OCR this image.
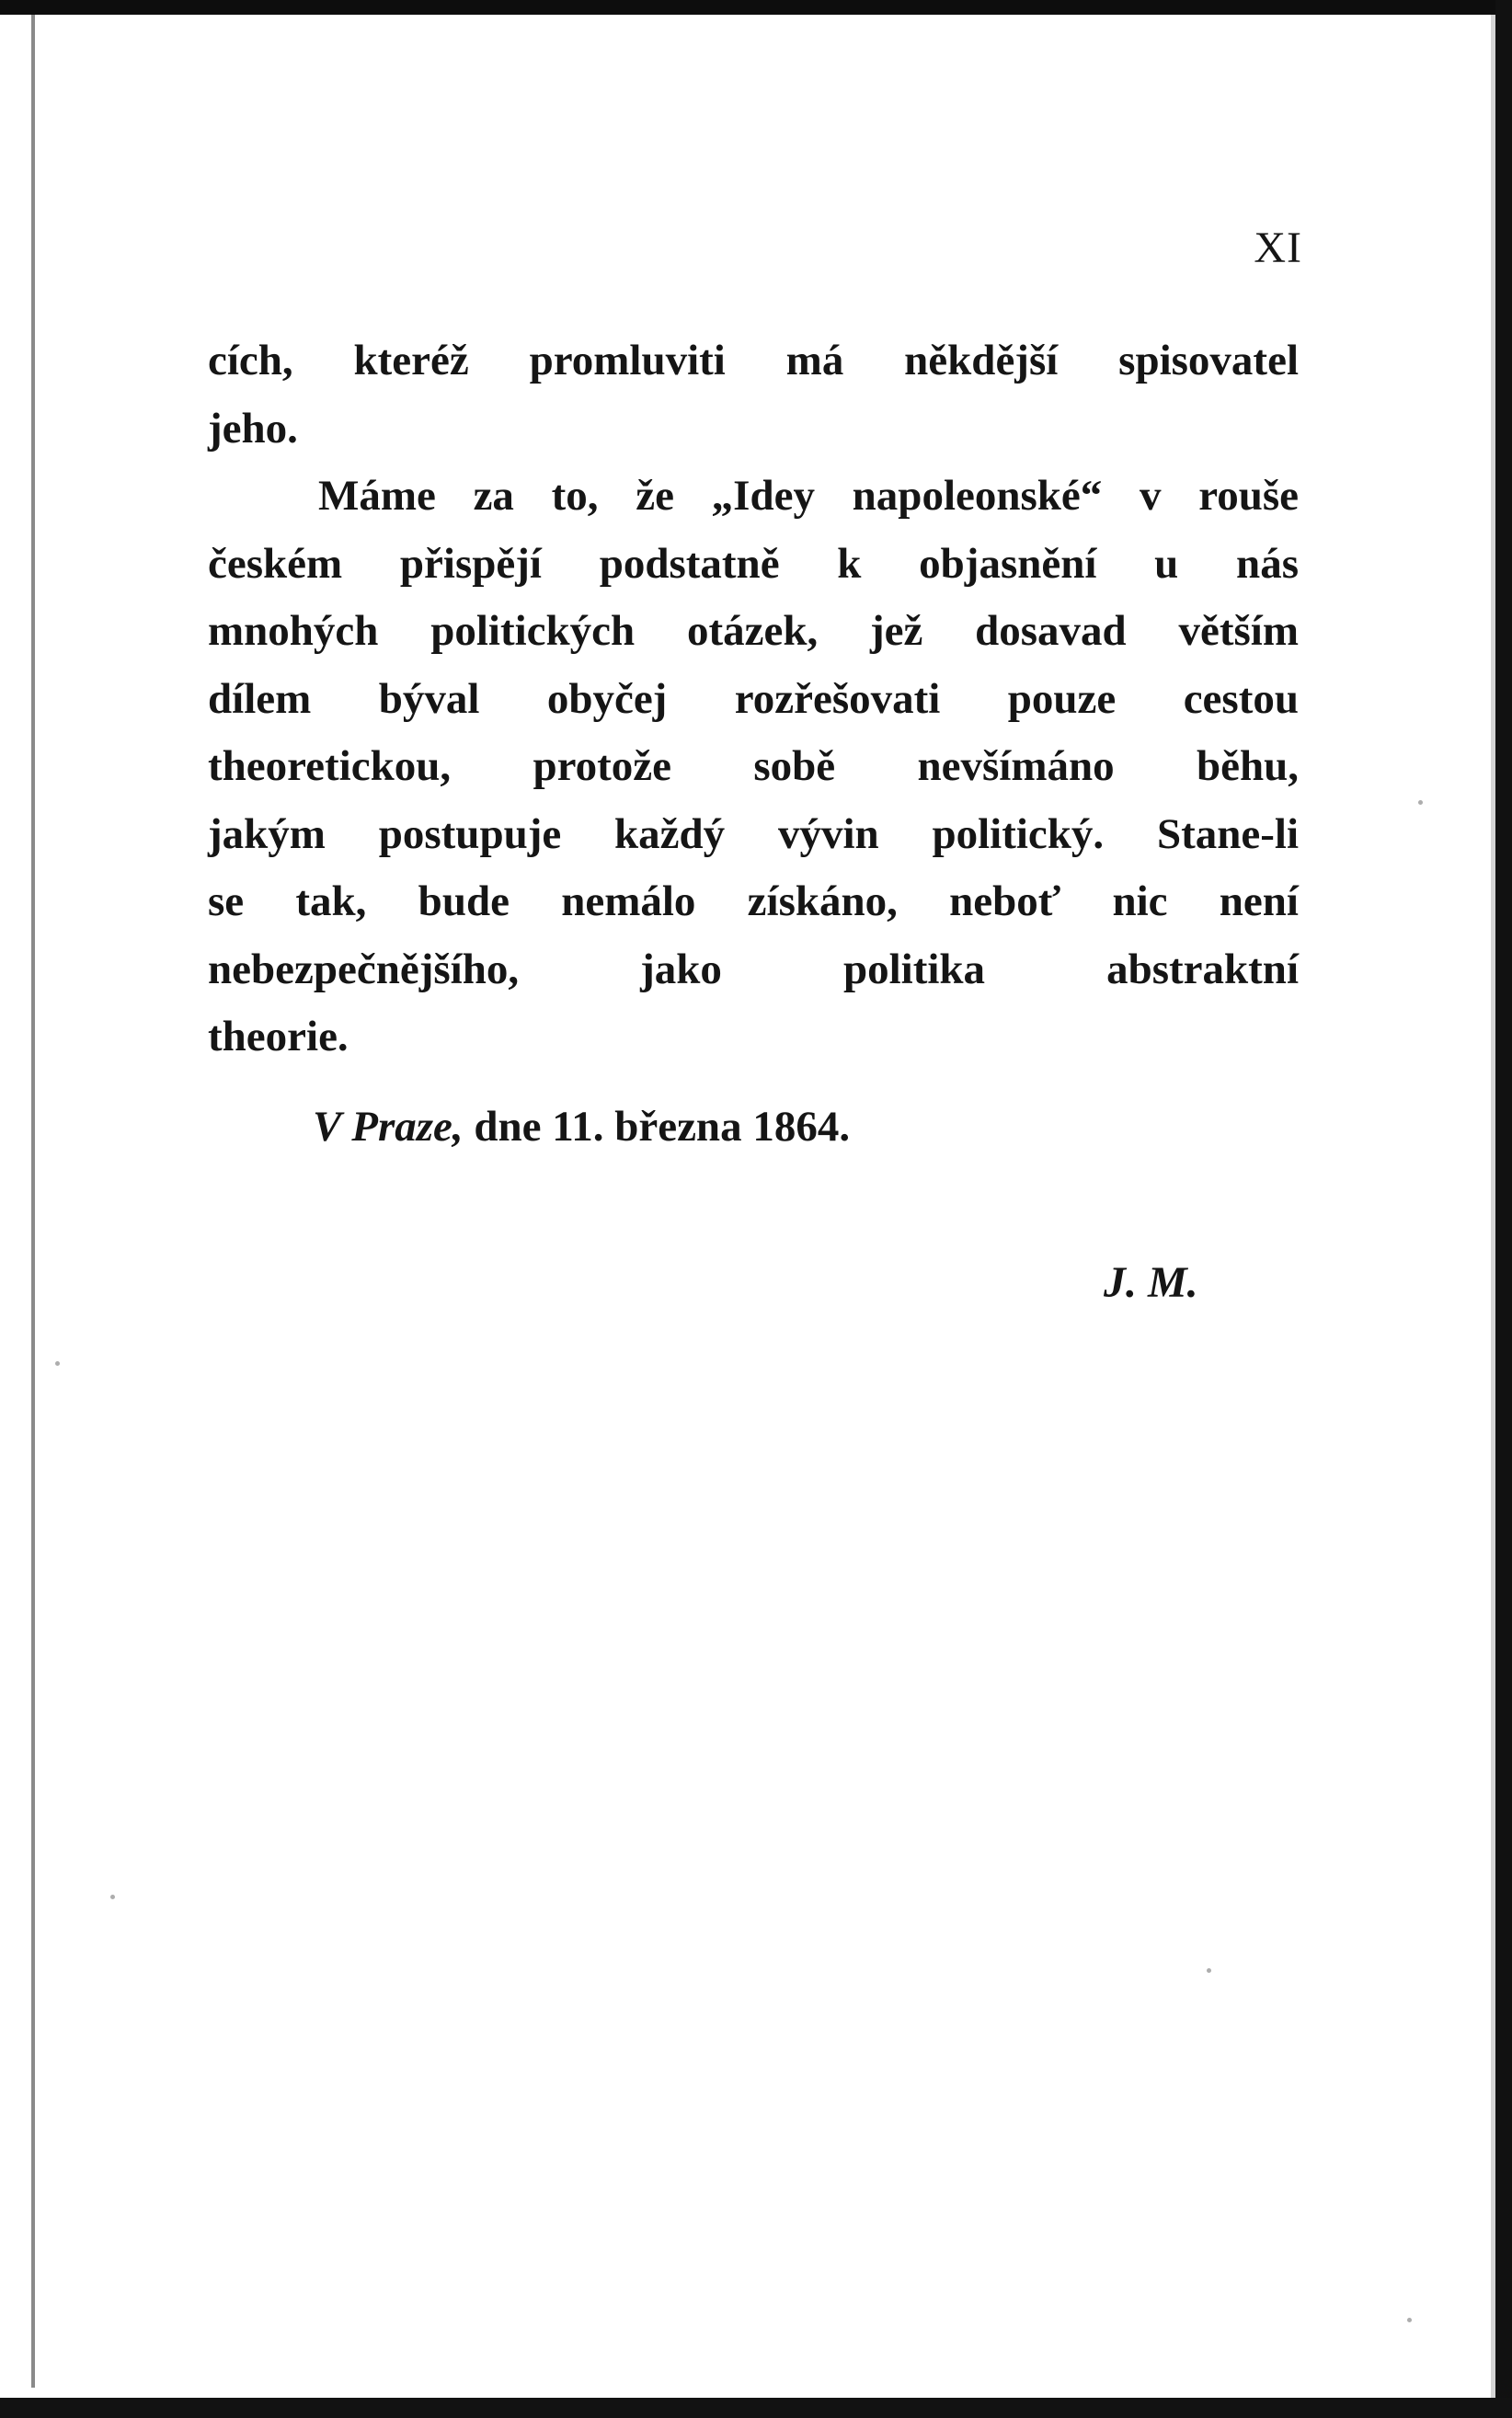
XI
cích, kteréž promluviti má někdější spisovatel
jeho.
Máme za to, že „Idey napoleonské“ v rouše
českém přispějí podstatně k objasnění u nás
mnohých politických otázek, jež dosavad větším
dílem býval obyčej rozřešovati pouze cestou
theoretickou, protože sobě nevšímáno běhu,
jakým postupuje každý vývin politický. Stane-li
se tak, bude nemálo získáno, neboť nic není
nebezpečnějšího, jako politika abstraktní
theorie.
V Praze, dne 11. března 1864.
J. M.
